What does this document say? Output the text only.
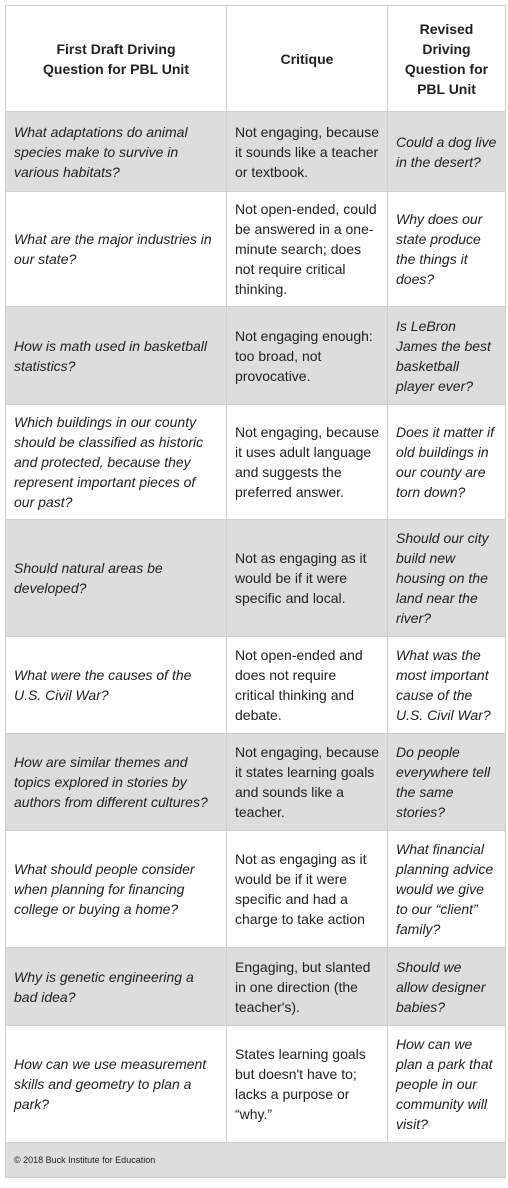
First Draft Driving Question for PBL Unit	Critique	Revised Driving Question for PBL Unit
What adaptations do animal species make to survive in various habitats?	Not engaging, because it sounds like a teacher or textbook.	Could a dog live in the desert?
What are the major industries in our state?	Not open-ended, could be answered in a one-minute search; does not require critical thinking.	Why does our state produce the things it does?
How is math used in basketball statistics?	Not engaging enough: too broad, not provocative.	Is LeBron James the best basketball player ever?
Which buildings in our county should be classified as historic and protected, because they represent important pieces of our past?	Not engaging, because it uses adult language and suggests the preferred answer.	Does it matter if old buildings in our county are torn down?
Should natural areas be developed?	Not as engaging as it would be if it were specific and local.	Should our city build new housing on the land near the river?
What were the causes of the U.S. Civil War?	Not open-ended and does not require critical thinking and debate.	What was the most important cause of the U.S. Civil War?
How are similar themes and topics explored in stories by authors from different cultures?	Not engaging, because it states learning goals and sounds like a teacher.	Do people everywhere tell the same stories?
What should people consider when planning for financing college or buying a home?	Not as engaging as it would be if it were specific and had a charge to take action	What financial planning advice would we give to our “client” family?
Why is genetic engineering a bad idea?	Engaging, but slanted in one direction (the teacher's).	Should we allow designer babies?
How can we use measurement skills and geometry to plan a park?	States learning goals but doesn't have to; lacks a purpose or “why.”	How can we plan a park that people in our community will visit?
© 2018 Buck Institute for Education		
